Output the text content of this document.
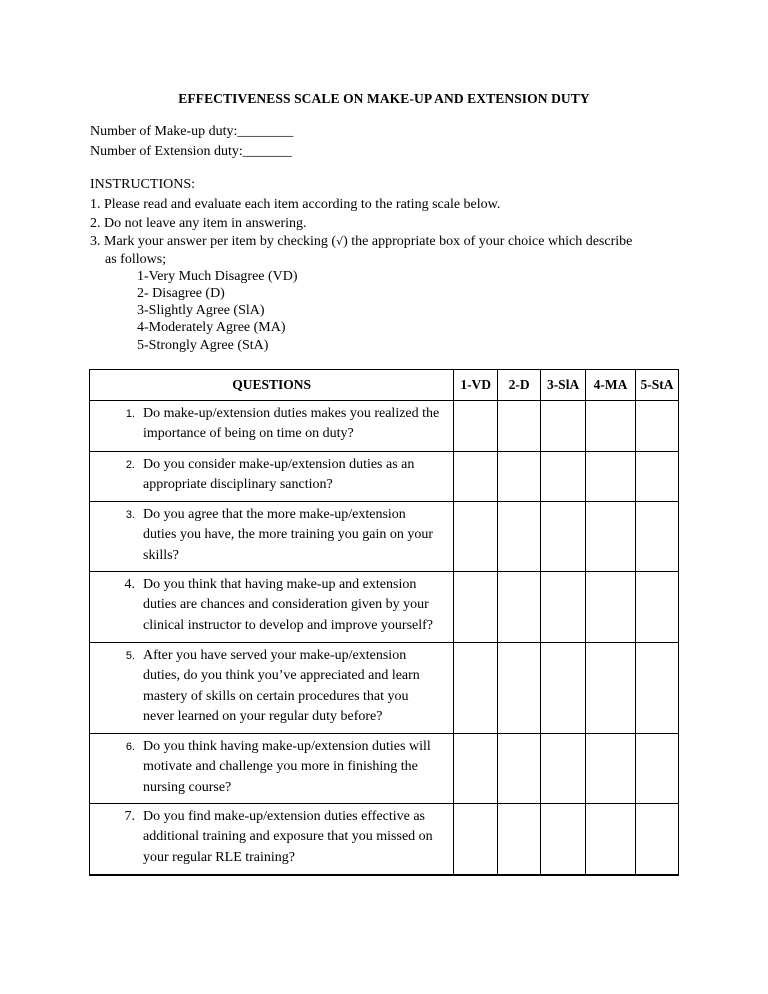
EFFECTIVENESS SCALE ON MAKE-UP AND EXTENSION DUTY
Number of Make-up duty:________
Number of Extension duty:_______
INSTRUCTIONS:
1. Please read and evaluate each item according to the rating scale below.
2. Do not leave any item in answering.
3. Mark your answer per item by checking (√) the appropriate box of your choice which describe
as follows;
1-Very Much Disagree (VD)
2- Disagree (D)
3-Slightly Agree (SlA)
4-Moderately Agree (MA)
5-Strongly Agree (StA)
QUESTIONS	1-VD	2-D	3-SlA	4-MA	5-StA

1. Do make-up/extension duties makes you realized the
importance of being on time on duty?					

2. Do you consider make-up/extension duties as an
appropriate disciplinary sanction?					

3. Do you agree that the more make-up/extension
duties you have, the more training you gain on your
skills?					

4. Do you think that having make-up and extension
duties are chances and consideration given by your
clinical instructor to develop and improve yourself?					

5. After you have served your make-up/extension
duties, do you think you’ve appreciated and learn
mastery of skills on certain procedures that you
never learned on your regular duty before?					

6. Do you think having make-up/extension duties will
motivate and challenge you more in finishing the
nursing course?					

7. Do you find make-up/extension duties effective as
additional training and exposure that you missed on
your regular RLE training?					
